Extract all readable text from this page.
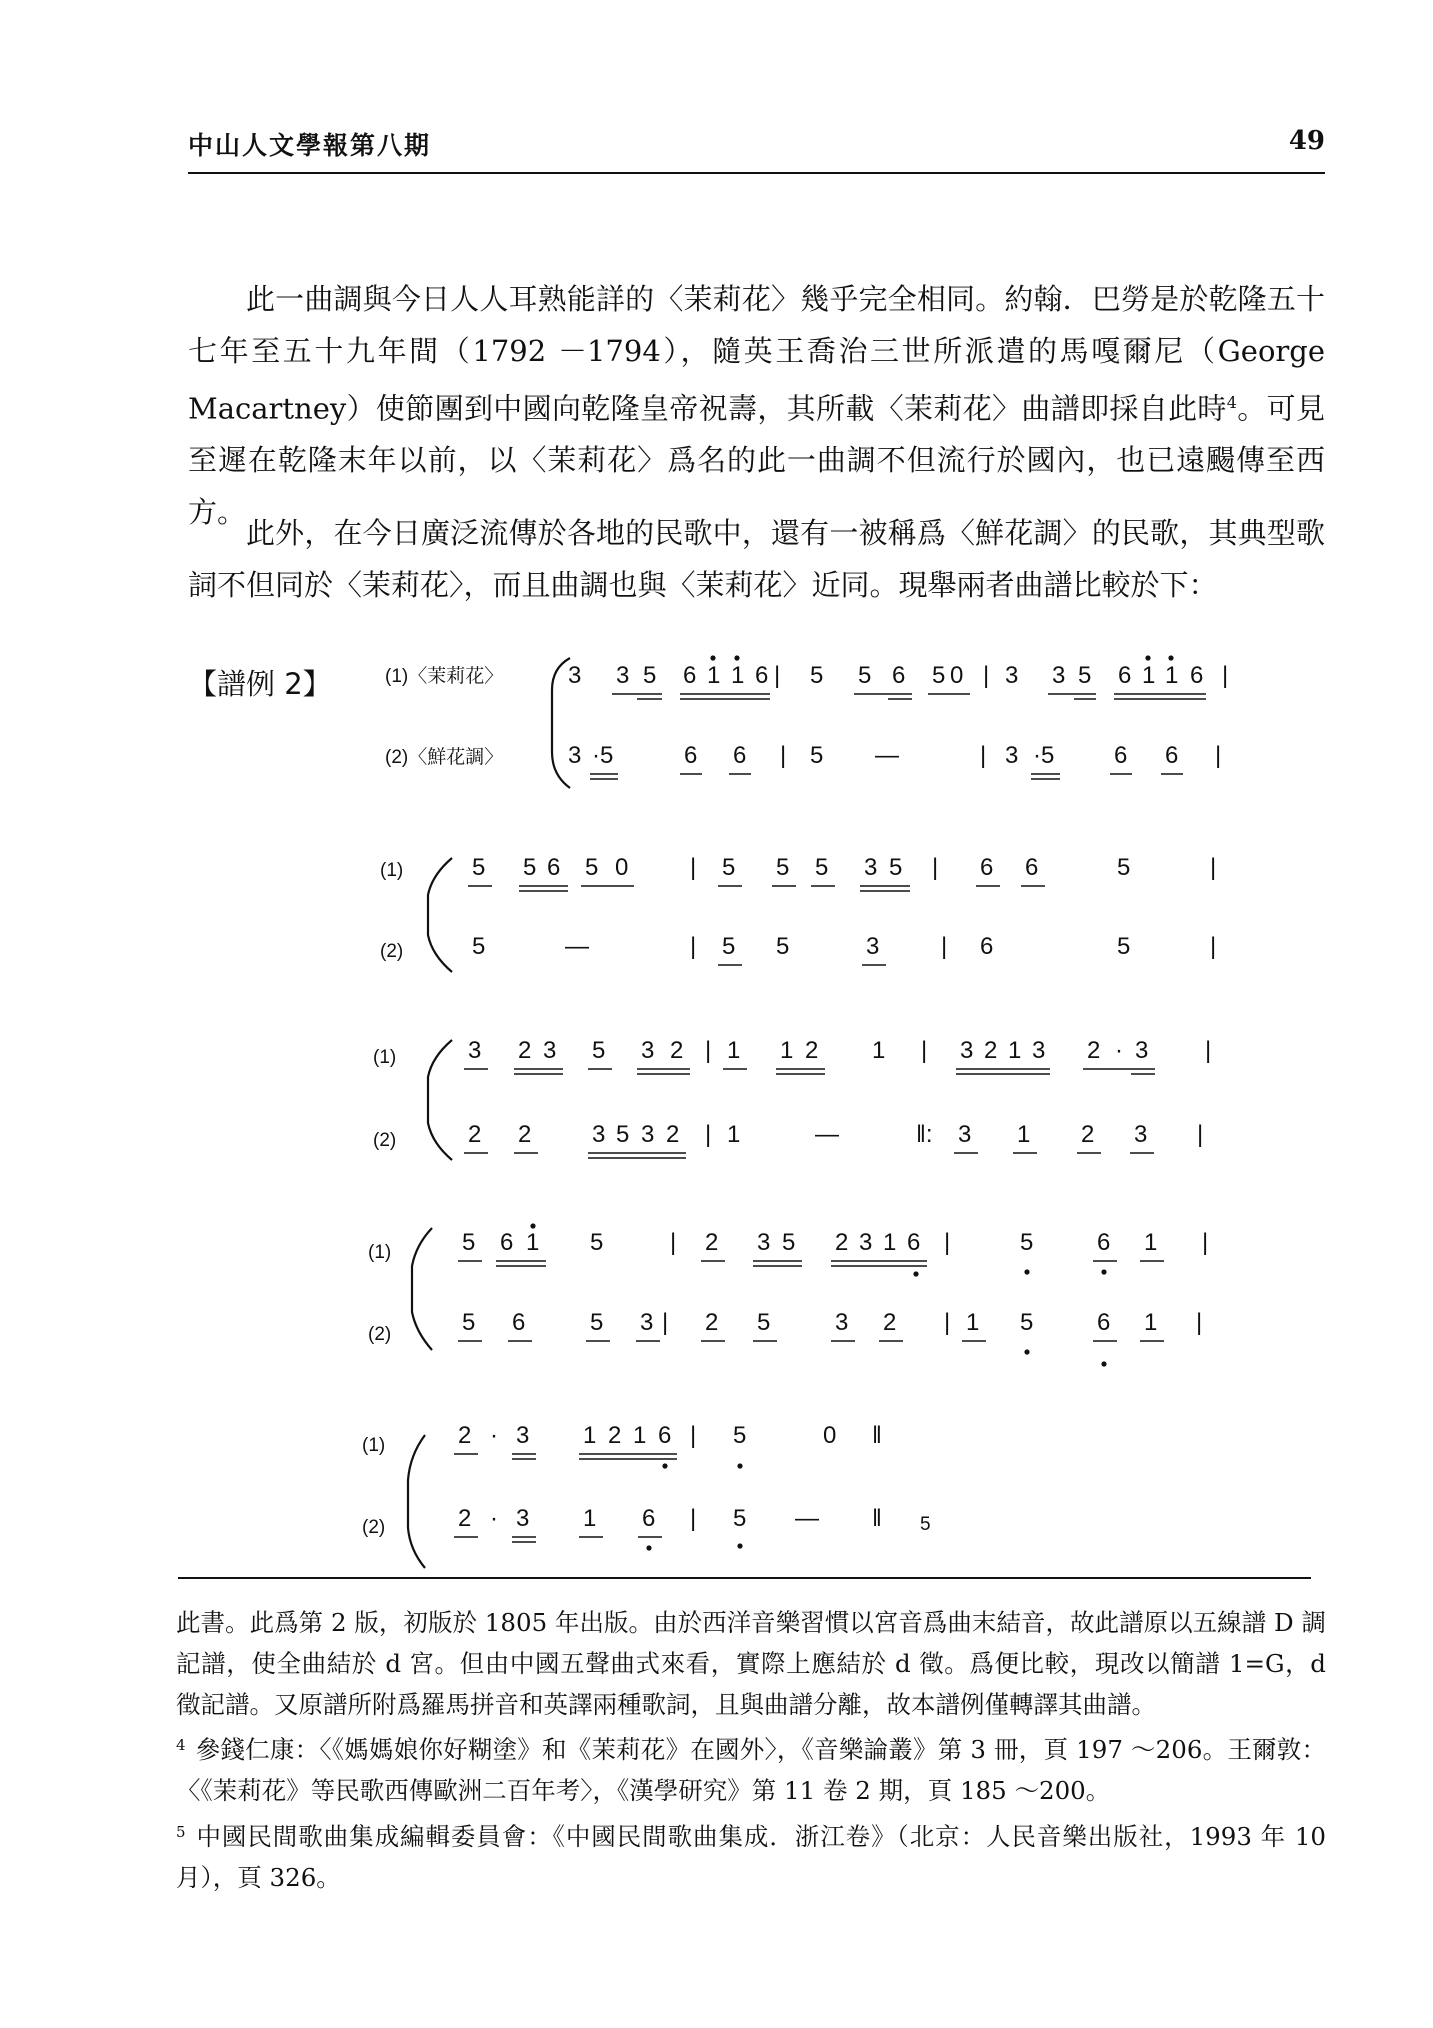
中山人文學報第八期	49

此一曲調與今日人人耳熟能詳的〈茉莉花〉幾乎完全相同。約翰．巴勞是於乾隆五十七年至五十九年間（1792 －1794），隨英王喬治三世所派遣的馬嘎爾尼（George Macartney）使節團到中國向乾隆皇帝祝壽，其所載〈茉莉花〉曲譜即採自此時$^4$。可見至遲在乾隆末年以前，以〈茉莉花〉爲名的此一曲調不但流行於國內，也已遠颺傳至西方。

此外，在今日廣泛流傳於各地的民歌中，還有一被稱爲〈鮮花調〉的民歌，其典型歌詞不但同於〈茉莉花〉，而且曲調也與〈茉莉花〉近同。現舉兩者曲譜比較於下：

【譜例 2】	(1)〈茉莉花〉
(2)〈鮮花調〉
(1)
(2)
(1)
(2)
(1)
(2)
(1)
(2)
3 3 5 6 1 1 6 | 5 5 6 5 0 | 3 3 5 6 1 1 6 |
3 ·5	6 6 | 5 —	| 3 ·5 6 6 |
5 5 6 5 0	| 5 5 5 3 5 | 6 6	5	|
5	—	| 5 5	3	| 6	5	|
3 2 3 5 3 2 | 1 1 2 1 | 3 2 1 3 2 · 3 |
2 2	3 5 3 2 | 1	—	‖: 3 1 2 3 |
5 6 1 5	| 2 3 5 2 3 1 6 |	5	6 1 |
5 6	5 3 | 2 5	3 2 | 1 5	6 1 |
2 · 3 1 2 1 6 | 5	0 ‖
2 · 3 1 6 | 5 — ‖ 5

此書。此爲第 2 版，初版於 1805 年出版。由於西洋音樂習慣以宮音爲曲末結音，故此譜原以五線譜 D 調記譜，使全曲結於 d 宮。但由中國五聲曲式來看，實際上應結於 d 徵。爲便比較，現改以簡譜 1=G，d 徵記譜。又原譜所附爲羅馬拼音和英譯兩種歌詞，且與曲譜分離，故本譜例僅轉譯其曲譜。

$^4$ 參錢仁康：〈《媽媽娘你好糊塗》和《茉莉花》在國外〉，《音樂論叢》第 3 冊，頁 197 ～206。王爾敦：〈《茉莉花》等民歌西傳歐洲二百年考〉，《漢學研究》第 11 卷 2 期，頁 185 ～200。

$^5$ 中國民間歌曲集成編輯委員會：《中國民間歌曲集成．浙江卷》（北京：人民音樂出版社，1993 年 10 月），頁 326。
